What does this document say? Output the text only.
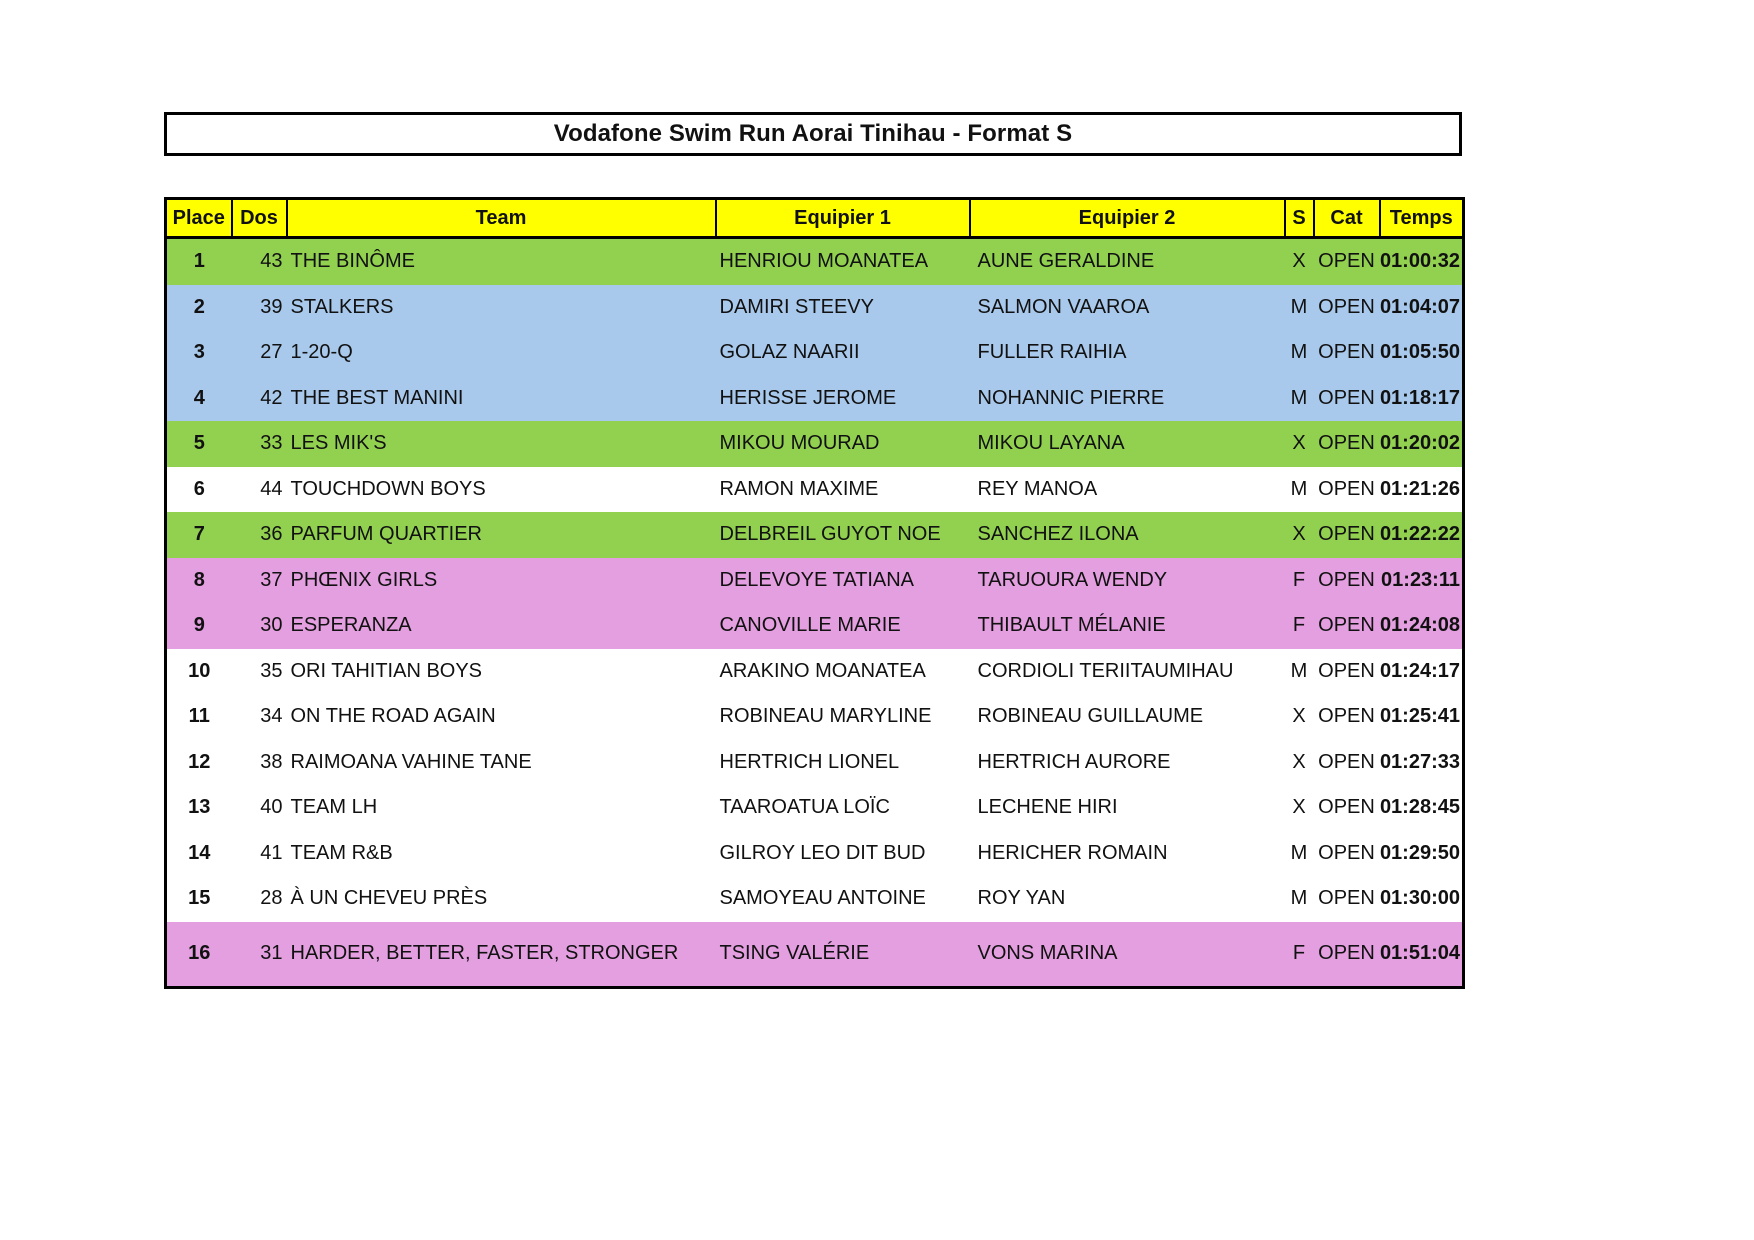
Vodafone Swim Run Aorai Tinihau - Format S
Place	Dos	Team	Equipier 1	Equipier 2	S	Cat	Temps
1	43	THE BINÔME	HENRIOU MOANATEA	AUNE GERALDINE	X	OPEN	01:00:32
2	39	STALKERS	DAMIRI STEEVY	SALMON VAAROA	M	OPEN	01:04:07
3	27	1-20-Q	GOLAZ NAARII	FULLER RAIHIA	M	OPEN	01:05:50
4	42	THE BEST MANINI	HERISSE JEROME	NOHANNIC PIERRE	M	OPEN	01:18:17
5	33	LES MIK'S	MIKOU MOURAD	MIKOU LAYANA	X	OPEN	01:20:02
6	44	TOUCHDOWN BOYS	RAMON MAXIME	REY MANOA	M	OPEN	01:21:26
7	36	PARFUM QUARTIER	DELBREIL GUYOT NOE	SANCHEZ ILONA	X	OPEN	01:22:22
8	37	PHŒNIX GIRLS	DELEVOYE TATIANA	TARUOURA WENDY	F	OPEN	01:23:11
9	30	ESPERANZA	CANOVILLE MARIE	THIBAULT MÉLANIE	F	OPEN	01:24:08
10	35	ORI TAHITIAN BOYS	ARAKINO MOANATEA	CORDIOLI TERIITAUMIHAU	M	OPEN	01:24:17
11	34	ON THE ROAD AGAIN	ROBINEAU MARYLINE	ROBINEAU GUILLAUME	X	OPEN	01:25:41
12	38	RAIMOANA VAHINE TANE	HERTRICH LIONEL	HERTRICH AURORE	X	OPEN	01:27:33
13	40	TEAM LH	TAAROATUA LOÏC	LECHENE HIRI	X	OPEN	01:28:45
14	41	TEAM R&B	GILROY LEO DIT BUD	HERICHER ROMAIN	M	OPEN	01:29:50
15	28	À UN CHEVEU PRÈS	SAMOYEAU ANTOINE	ROY YAN	M	OPEN	01:30:00
16	31	HARDER, BETTER, FASTER, STRONGER	TSING VALÉRIE	VONS MARINA	F	OPEN	01:51:04
